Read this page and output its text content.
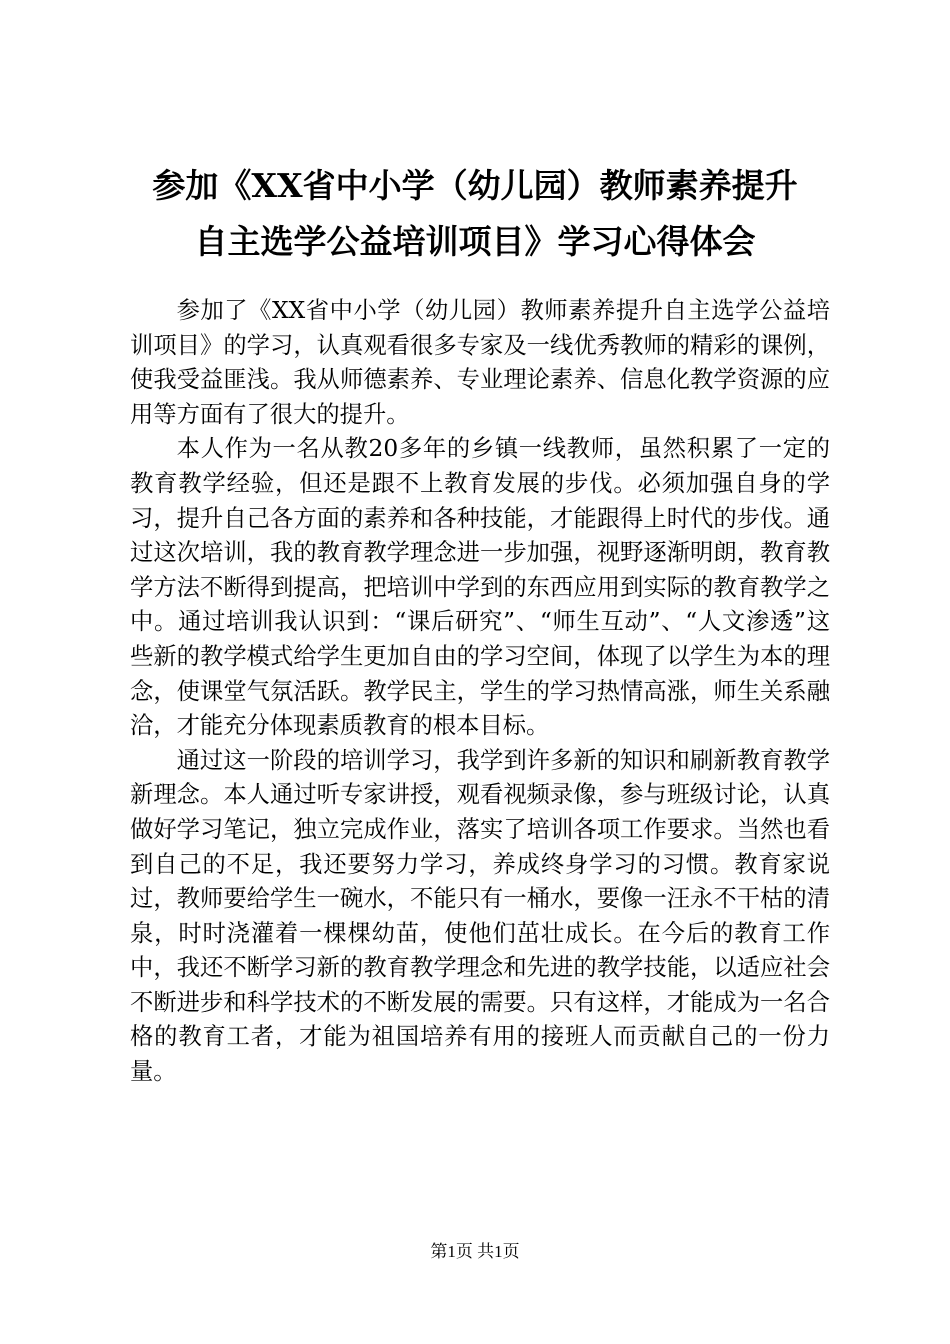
参加《XX省中小学（幼儿园）教师素养提升
自主选学公益培训项目》学习心得体会

参加了《XX省中小学（幼儿园）教师素养提升自主选学公益培训项目》的学习，认真观看很多专家及一线优秀教师的精彩的课例，使我受益匪浅。我从师德素养、专业理论素养、信息化教学资源的应用等方面有了很大的提升。

本人作为一名从教20多年的乡镇一线教师，虽然积累了一定的教育教学经验，但还是跟不上教育发展的步伐。必须加强自身的学习，提升自己各方面的素养和各种技能，才能跟得上时代的步伐。通过这次培训，我的教育教学理念进一步加强，视野逐渐明朗，教育教学方法不断得到提高，把培训中学到的东西应用到实际的教育教学之中。通过培训我认识到：“课后研究”、“师生互动”、“人文渗透”这些新的教学模式给学生更加自由的学习空间，体现了以学生为本的理念，使课堂气氛活跃。教学民主，学生的学习热情高涨，师生关系融洽，才能充分体现素质教育的根本目标。

通过这一阶段的培训学习，我学到许多新的知识和刷新教育教学新理念。本人通过听专家讲授，观看视频录像，参与班级讨论，认真做好学习笔记，独立完成作业，落实了培训各项工作要求。当然也看到自己的不足，我还要努力学习，养成终身学习的习惯。教育家说过，教师要给学生一碗水，不能只有一桶水，要像一汪永不干枯的清泉，时时浇灌着一棵棵幼苗，使他们茁壮成长。在今后的教育工作中，我还不断学习新的教育教学理念和先进的教学技能，以适应社会不断进步和科学技术的不断发展的需要。只有这样，才能成为一名合格的教育工者，才能为祖国培养有用的接班人而贡献自己的一份力量。

第1页 共1页
